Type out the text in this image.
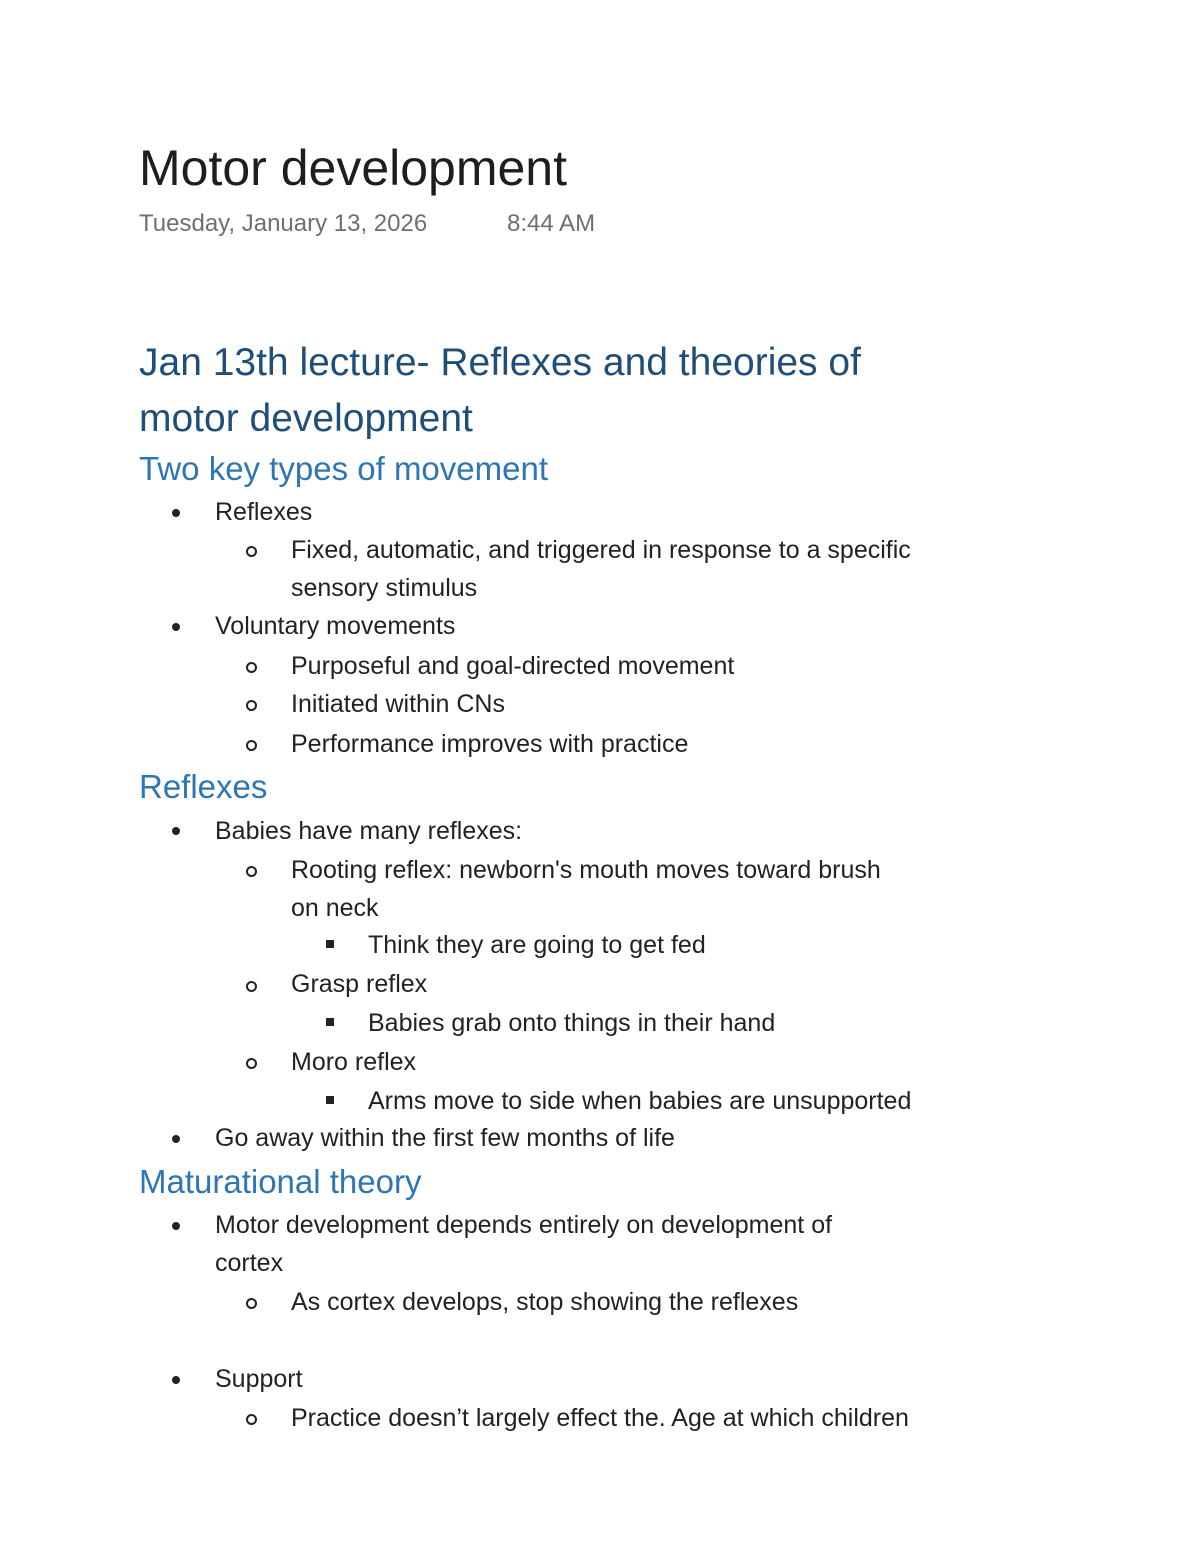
Motor development
Tuesday, January 13, 2026	8:44 AM
Jan 13th lecture- Reflexes and theories of
motor development
Two key types of movement
Reflexes
Fixed, automatic, and triggered in response to a specific
sensory stimulus
Voluntary movements
Purposeful and goal-directed movement
Initiated within CNs
Performance improves with practice
Reflexes
Babies have many reflexes:
Rooting reflex: newborn's mouth moves toward brush
on neck
Think they are going to get fed
Grasp reflex
Babies grab onto things in their hand
Moro reflex
Arms move to side when babies are unsupported
Go away within the first few months of life
Maturational theory
Motor development depends entirely on development of
cortex
As cortex develops, stop showing the reflexes
Support
Practice doesn’t largely effect the. Age at which children
